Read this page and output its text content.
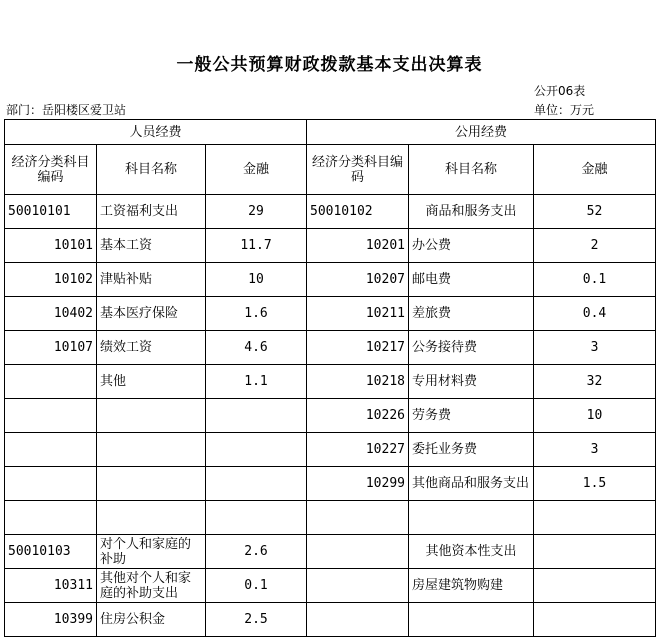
一般公共预算财政拨款基本支出决算表
公开06表
部门：岳阳楼区爱卫站	单位：万元
人员经费			公用经费		
经济分类科目编码	科目名称	金融	经济分类科目编码	科目名称	金融
50010101	工资福利支出	29	50010102	商品和服务支出	52
10101	基本工资	11.7	10201	办公费	2
10102	津贴补贴	10	10207	邮电费	0.1
10402	基本医疗保险	1.6	10211	差旅费	0.4
10107	绩效工资	4.6	10217	公务接待费	3
	其他	1.1	10218	专用材料费	32
			10226	劳务费	10
			10227	委托业务费	3
			10299	其他商品和服务支出	1.5

50010103	对个人和家庭的补助	2.6		其他资本性支出	
10311	其他对个人和家庭的补助支出	0.1		房屋建筑物购建	
10399	住房公积金	2.5			
